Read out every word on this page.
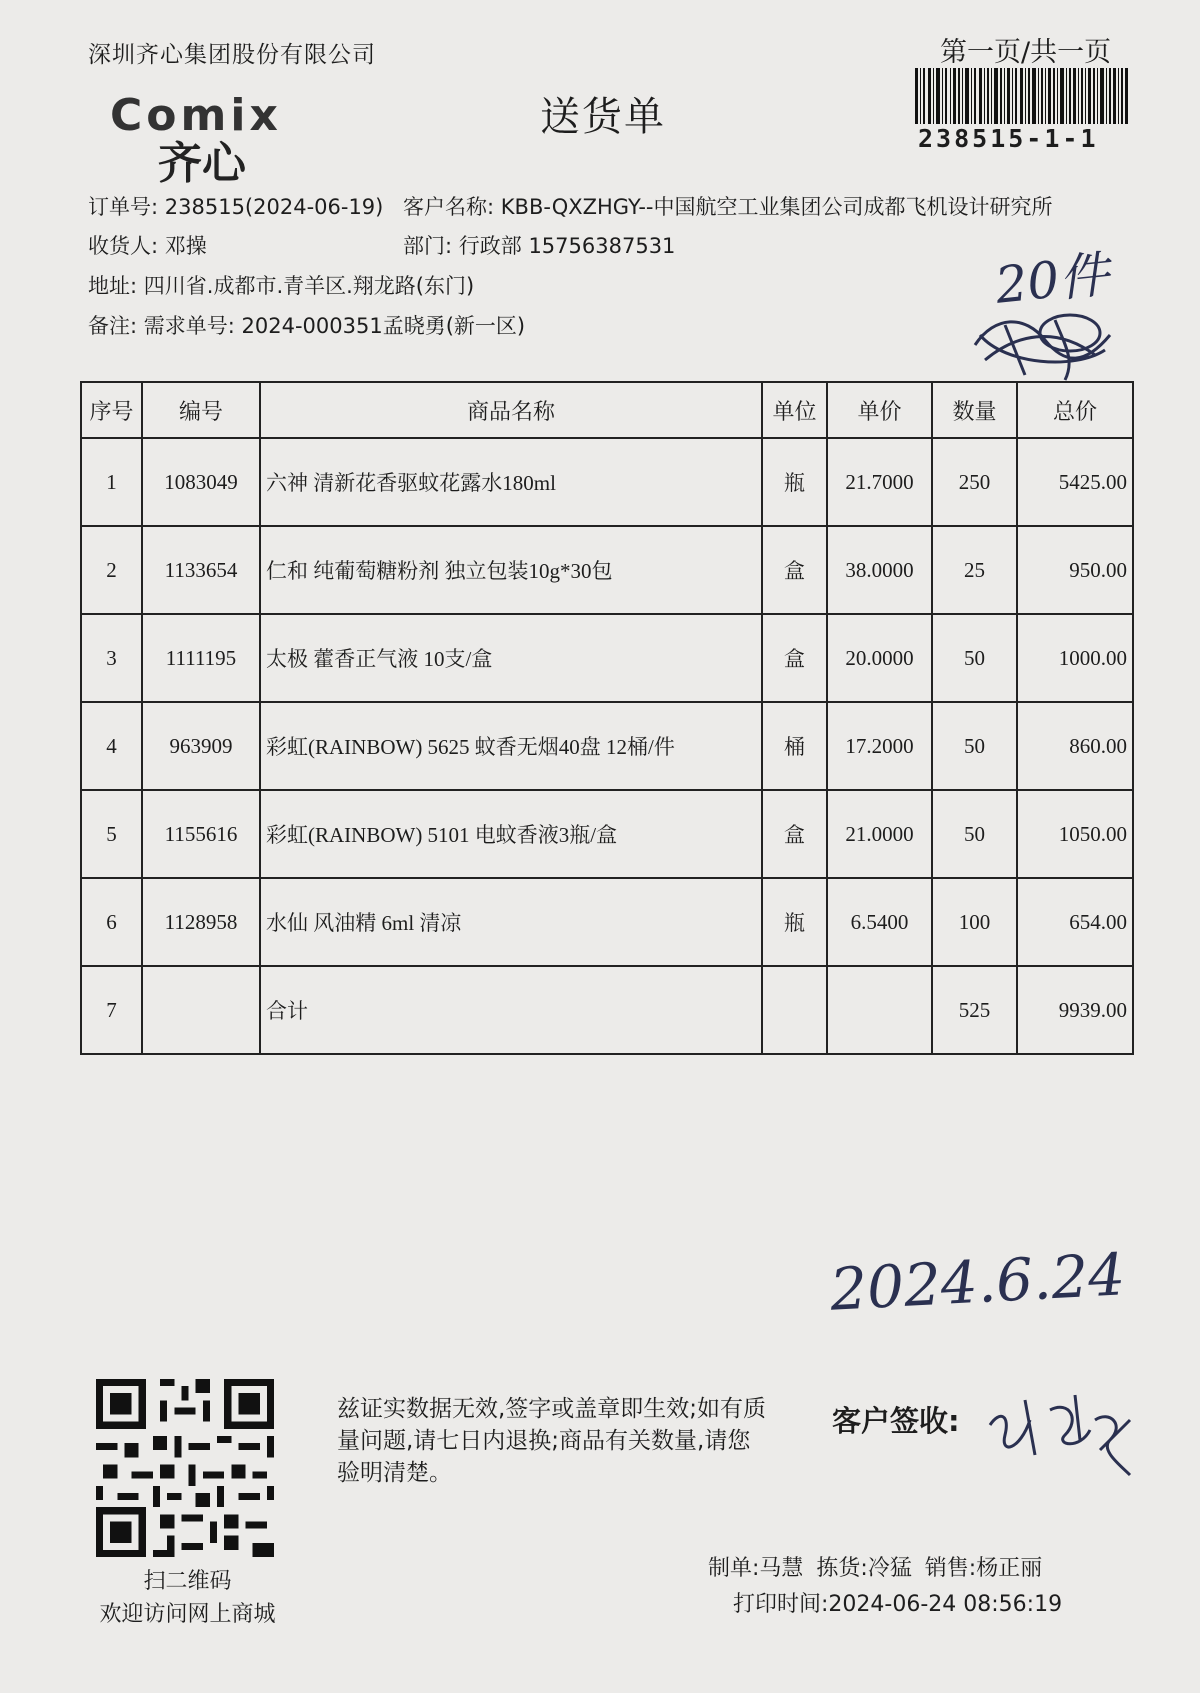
深圳齐心集团股份有限公司	第一页/共一页
238515-1-1
Comix
齐心
送货单
订单号: 238515(2024-06-19) 客户名称: KBB-QXZHGY--中国航空工业集团公司成都飞机设计研究所
收货人: 邓操	部门: 行政部 15756387531
地址: 四川省.成都市.青羊区.翔龙路(东门)
备注: 需求单号: 2024-000351孟晓勇(新一区)
20件
序号	编号	商品名称	单位	单价	数量	总价
1	1083049	六神 清新花香驱蚊花露水180ml	瓶	21.7000	250	5425.00
2	1133654	仁和 纯葡萄糖粉剂 独立包装10g*30包	盒	38.0000	25	950.00
3	1111195	太极 藿香正气液 10支/盒	盒	20.0000	50	1000.00
4	963909	彩虹(RAINBOW) 5625 蚊香无烟40盘 12桶/件	桶	17.2000	50	860.00
5	1155616	彩虹(RAINBOW) 5101 电蚊香液3瓶/盒	盒	21.0000	50	1050.00
6	1128958	水仙 风油精 6ml 清凉	瓶	6.5400	100	654.00
7		合计			525	9939.00
2024.6.24
扫二维码
欢迎访问网上商城
兹证实数据无效,签字或盖章即生效;如有质量问题,请七日内退换;商品有关数量,请您验明清楚。
客户签收:
制单:马慧 拣货:冷猛 销售:杨正丽
打印时间:2024-06-24 08:56:19
